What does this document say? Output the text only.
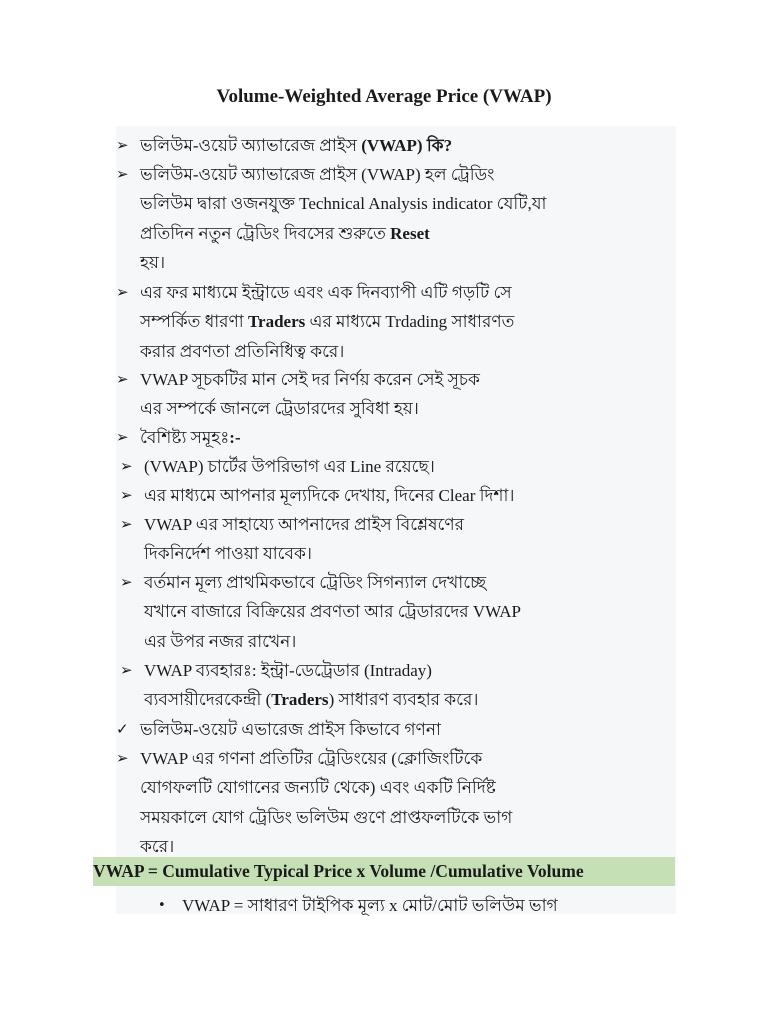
Volume-Weighted Average Price (VWAP)
➢ ভলিউম-ওয়েট অ্যাভারেজ প্রাইস (VWAP) কি?
➢ ভলিউম-ওয়েট অ্যাভারেজ প্রাইস (VWAP) হল ট্রেডিং
ভলিউম দ্বারা ওজনযুক্ত Technical Analysis indicator যেটি,যা
প্রতিদিন নতুন ট্রেডিং দিবসের শুরুতে Reset
হয়।
➢ এর ফর মাধ্যমে ইন্ট্রাডে এবং এক দিনব্যাপী এটি গড়টি সে
সম্পর্কিত ধারণা Traders এর মাধ্যমে Trdading সাধারণত
করার প্রবণতা প্রতিনিধিত্ব করে।
➢ VWAP সূচকটির মান সেই দর নির্ণয় করেন সেই সূচক
এর সম্পর্কে জানলে ট্রেডারদের সুবিধা হয়।
➢ বৈশিষ্ট্য সমূহঃ:-
➢ (VWAP) চার্টের উপরিভাগ এর Line রয়েছে।
➢ এর মাধ্যমে আপনার মূল্যদিকে দেখায়, দিনের Clear দিশা।
➢ VWAP এর সাহায্যে আপনাদের প্রাইস বিশ্লেষণের
দিকনির্দেশ পাওয়া যাবেক।
➢ বর্তমান মূল্য প্রাথমিকভাবে ট্রেডিং সিগন্যাল দেখাচ্ছে
যখানে বাজারে বিক্রিয়ের প্রবণতা আর ট্রেডারদের VWAP
এর উপর নজর রাখেন।
➢ VWAP ব্যবহারঃ: ইন্ট্রা-ডেট্রেডার (Intraday)
ব্যবসায়ীদেরকেন্দ্রী (Traders) সাধারণ ব্যবহার করে।
✓ ভলিউম-ওয়েট এভারেজ প্রাইস কিভাবে গণনা
➢ VWAP এর গণনা প্রতিটির ট্রেডিংয়ের (ক্লোজিংটিকে
যোগফলটি যোগানের জন্যটি থেকে) এবং একটি নির্দিষ্ট
সময়কালে যোগ ট্রেডিং ভলিউম গুণে প্রাপ্তফলটিকে ভাগ
করে।
VWAP = Cumulative Typical Price x Volume /Cumulative Volume
• VWAP = সাধারণ টাইপিক মূল্য x মোট/মোট ভলিউম ভাগ
